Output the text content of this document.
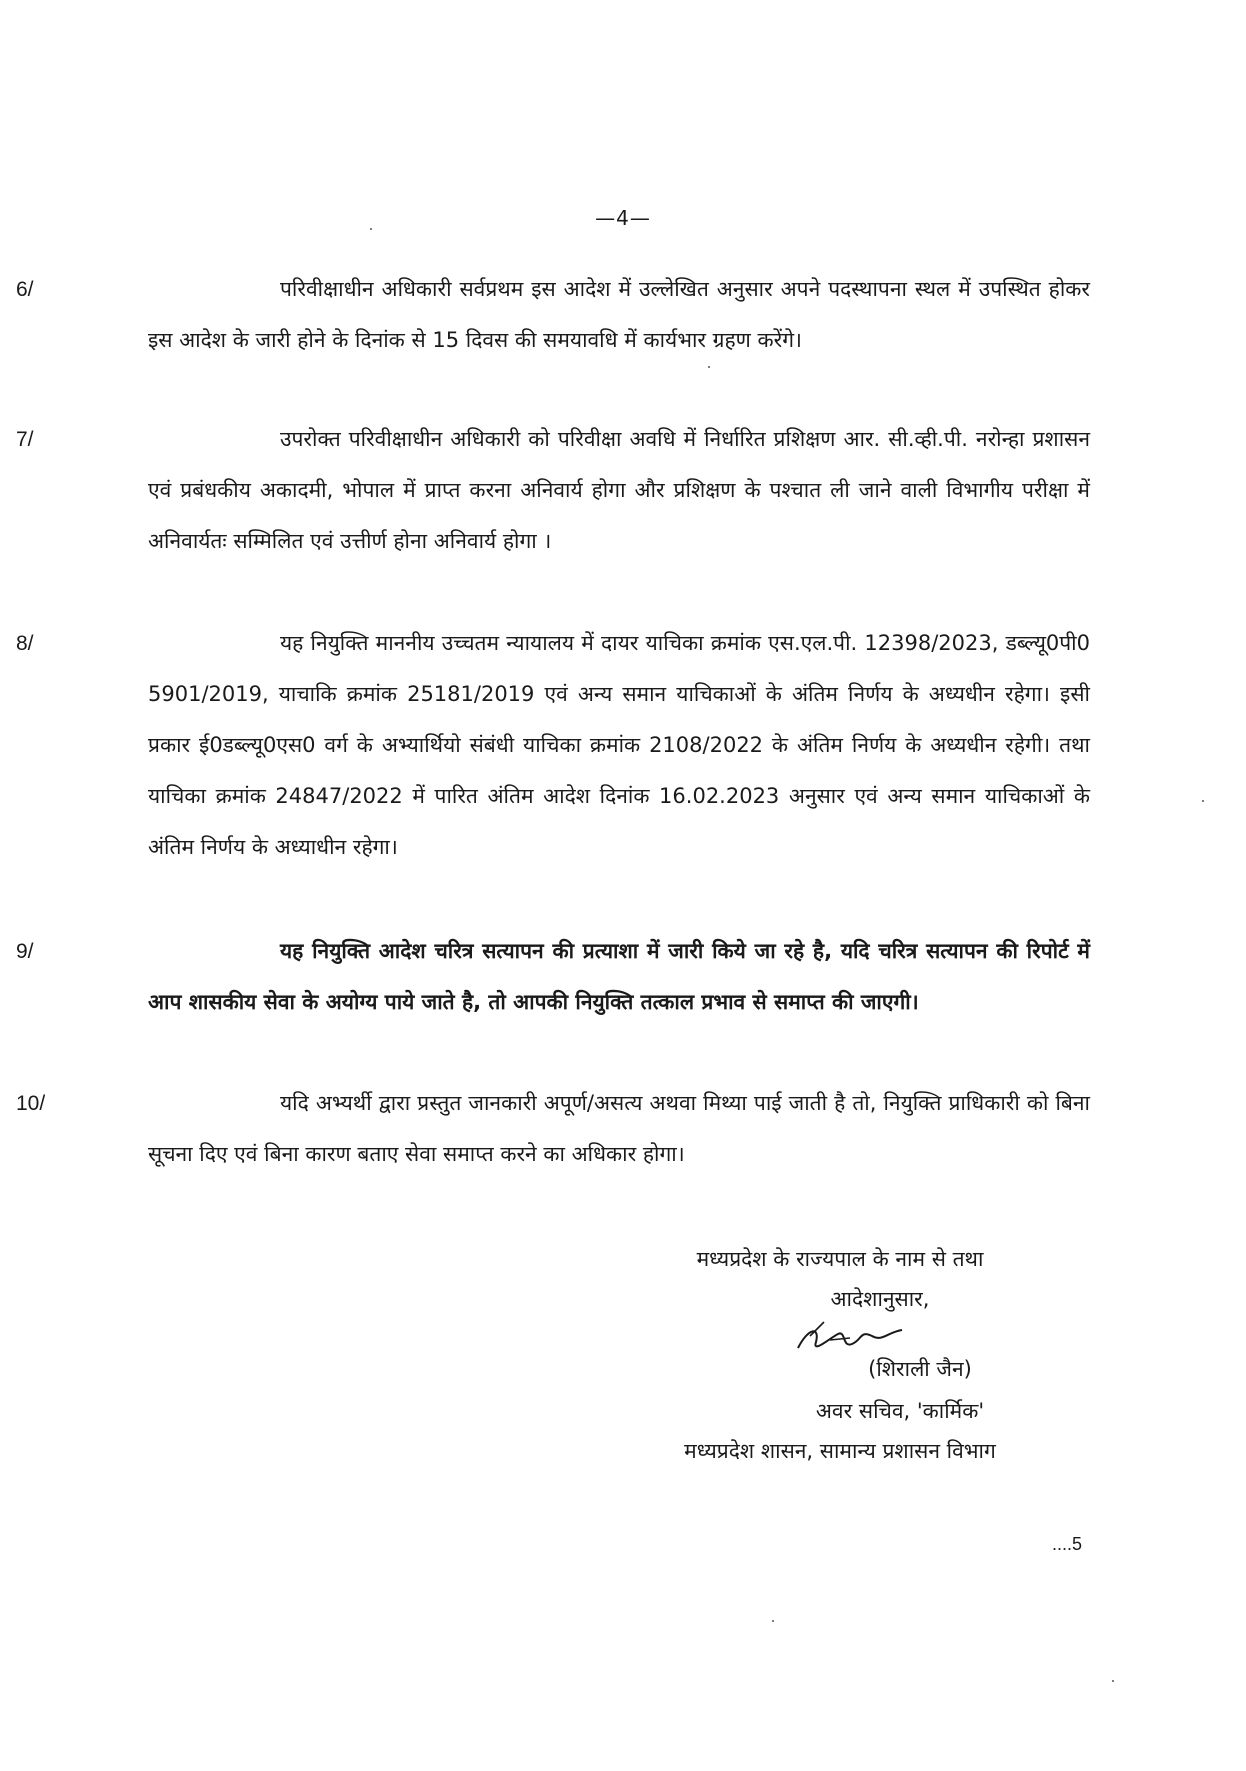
—4—

6/	परिवीक्षाधीन अधिकारी सर्वप्रथम इस आदेश में उल्लेखित अनुसार अपने पदस्थापना स्थल में उपस्थित होकर इस आदेश के जारी होने के दिनांक से 15 दिवस की समयावधि में कार्यभार ग्रहण करेंगे।

7/	उपरोक्त परिवीक्षाधीन अधिकारी को परिवीक्षा अवधि में निर्धारित प्रशिक्षण आर. सी.व्ही.पी. नरोन्हा प्रशासन एवं प्रबंधकीय अकादमी, भोपाल में प्राप्त करना अनिवार्य होगा और प्रशिक्षण के पश्चात ली जाने वाली विभागीय परीक्षा में अनिवार्यतः सम्मिलित एवं उत्तीर्ण होना अनिवार्य होगा ।

8/	यह नियुक्ति माननीय उच्चतम न्यायालय में दायर याचिका क्रमांक एस.एल.पी. 12398/2023, डब्ल्यू0पी0 5901/2019, याचाकि क्रमांक 25181/2019 एवं अन्य समान याचिकाओं के अंतिम निर्णय के अध्यधीन रहेगा। इसी प्रकार ई0डब्ल्यू0एस0 वर्ग के अभ्यार्थियो संबंधी याचिका क्रमांक 2108/2022 के अंतिम निर्णय के अध्यधीन रहेगी। तथा याचिका क्रमांक 24847/2022 में पारित अंतिम आदेश दिनांक 16.02.2023 अनुसार एवं अन्य समान याचिकाओं के अंतिम निर्णय के अध्याधीन रहेगा।

9/	यह नियुक्ति आदेश चरित्र सत्यापन की प्रत्याशा में जारी किये जा रहे है, यदि चरित्र सत्यापन की रिपोर्ट में आप शासकीय सेवा के अयोग्य पाये जाते है, तो आपकी नियुक्ति तत्काल प्रभाव से समाप्त की जाएगी।

10/	यदि अभ्यर्थी द्वारा प्रस्तुत जानकारी अपूर्ण/असत्य अथवा मिथ्या पाई जाती है तो, नियुक्ति प्राधिकारी को बिना सूचना दिए एवं बिना कारण बताए सेवा समाप्त करने का अधिकार होगा।

मध्यप्रदेश के राज्यपाल के नाम से तथा
आदेशानुसार,
(शिराली जैन)
अवर सचिव, 'कार्मिक'
मध्यप्रदेश शासन, सामान्य प्रशासन विभाग
....5
